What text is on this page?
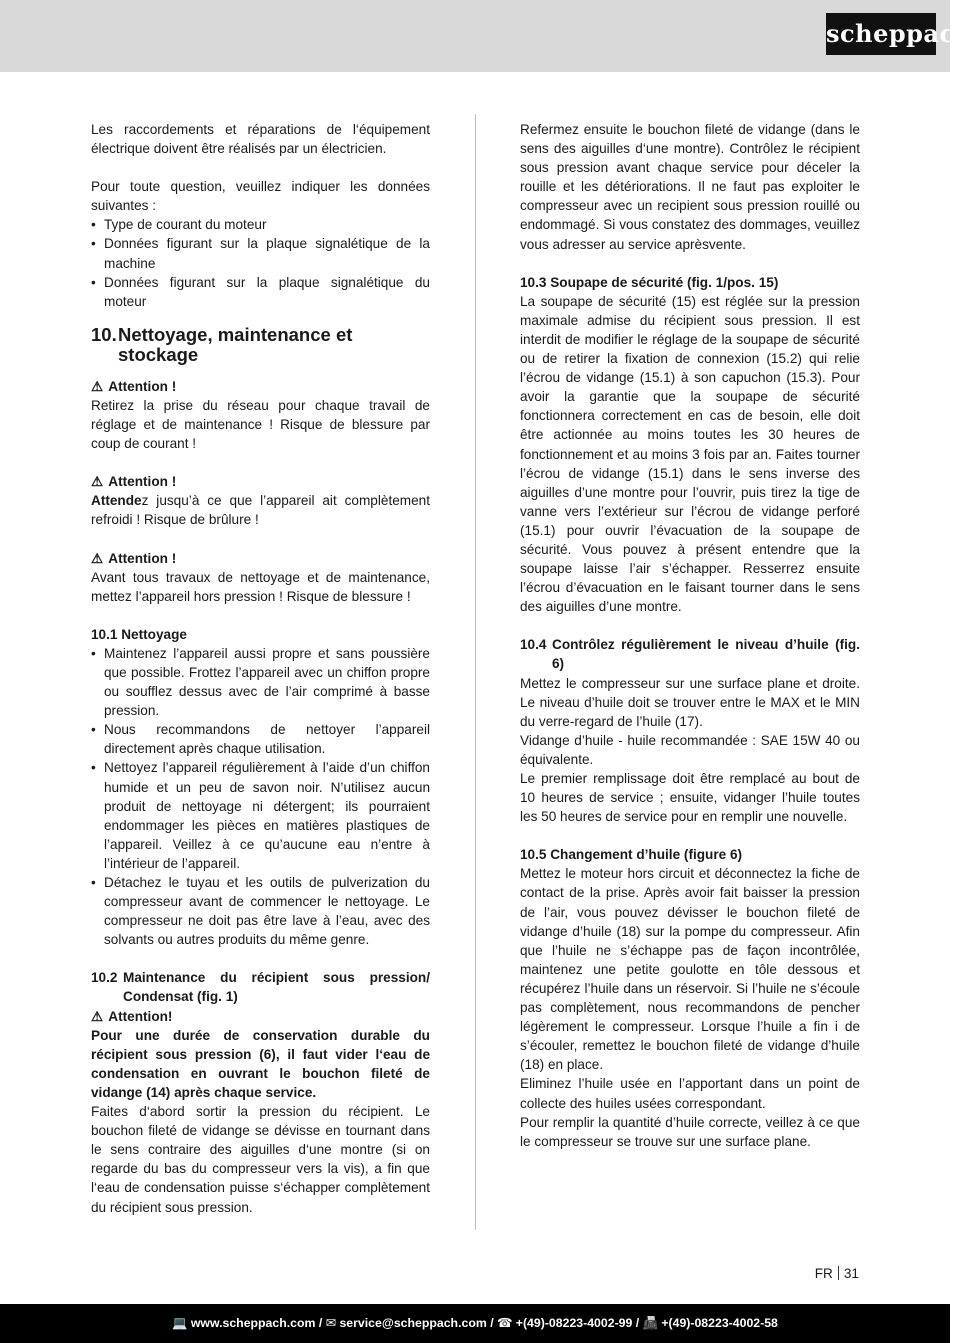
scheppach

Les raccordements et réparations de l‘équipement électrique doivent être réalisés par un électricien.

Pour toute question, veuillez indiquer les données suivantes :

• Type de courant du moteur
• Données figurant sur la plaque signalétique de la machine
• Données figurant sur la plaque signalétique du moteur
10. Nettoyage, maintenance et stockage

⚠ Attention !

Retirez la prise du réseau pour chaque travail de réglage et de maintenance ! Risque de blessure par coup de courant !

⚠ Attention !

Attendez jusqu’à ce que l’appareil ait complètement refroidi ! Risque de brûlure !

⚠ Attention !

Avant tous travaux de nettoyage et de maintenance, mettez l’appareil hors pression ! Risque de blessure !

10.1 Nettoyage

• Maintenez l’appareil aussi propre et sans poussière que possible. Frottez l’appareil avec un chiffon propre ou soufflez dessus avec de l’air comprimé à basse pression.
• Nous recommandons de nettoyer l’appareil directement après chaque utilisation.
• Nettoyez l’appareil régulièrement à l’aide d’un chiffon humide et un peu de savon noir. N’utilisez aucun produit de nettoyage ni détergent; ils pourraient endommager les pièces en matières plastiques de l’appareil. Veillez à ce qu’aucune eau n’entre à l’intérieur de l’appareil.
• Détachez le tuyau et les outils de pulverization du compresseur avant de commencer le nettoyage. Le compresseur ne doit pas être lave à l’eau, avec des solvants ou autres produits du même genre.
10.2 Maintenance du récipient sous pression/ Condensat (fig. 1)

⚠ Attention!

Pour une durée de conservation durable du récipient sous pression (6), il faut vider l‘eau de condensation en ouvrant le bouchon fileté de vidange (14) après chaque service.

Faites d‘abord sortir la pression du récipient. Le bouchon fileté de vidange se dévisse en tournant dans le sens contraire des aiguilles d‘une montre (si on regarde du bas du compresseur vers la vis), a fin que l‘eau de condensation puisse s‘échapper complètement du récipient sous pression.

Refermez ensuite le bouchon fileté de vidange (dans le sens des aiguilles d‘une montre). Contrôlez le récipient sous pression avant chaque service pour déceler la rouille et les détériorations. Il ne faut pas exploiter le compresseur avec un recipient sous pression rouillé ou endommagé. Si vous constatez des dommages, veuillez vous adresser au service aprèsvente.

10.3 Soupape de sécurité (fig. 1/pos. 15)

La soupape de sécurité (15) est réglée sur la pression maximale admise du récipient sous pression. Il est interdit de modifier le réglage de la soupape de sécurité ou de retirer la fixation de connexion (15.2) qui relie l’écrou de vidange (15.1) à son capuchon (15.3). Pour avoir la garantie que la soupape de sécurité fonctionnera correctement en cas de besoin, elle doit être actionnée au moins toutes les 30 heures de fonctionnement et au moins 3 fois par an. Faites tourner l’écrou de vidange (15.1) dans le sens inverse des aiguilles d’une montre pour l’ouvrir, puis tirez la tige de vanne vers l’extérieur sur l’écrou de vidange perforé (15.1) pour ouvrir l’évacuation de la soupape de sécurité. Vous pouvez à présent entendre que la soupape laisse l’air s’échapper. Resserrez ensuite l’écrou d’évacuation en le faisant tourner dans le sens des aiguilles d’une montre.

10.4 Contrôlez régulièrement le niveau d’huile (fig. 6)

Mettez le compresseur sur une surface plane et droite. Le niveau d’huile doit se trouver entre le MAX et le MIN du verre-regard de l’huile (17).

Vidange d’huile - huile recommandée : SAE 15W 40 ou équivalente.

Le premier remplissage doit être remplacé au bout de 10 heures de service ; ensuite, vidanger l’huile toutes les 50 heures de service pour en remplir une nouvelle.

10.5 Changement d’huile (figure 6)

Mettez le moteur hors circuit et déconnectez la fiche de contact de la prise. Après avoir fait baisser la pression de l’air, vous pouvez dévisser le bouchon fileté de vidange d’huile (18) sur la pompe du compresseur. Afin que l’huile ne s’échappe pas de façon incontrôlée, maintenez une petite goulotte en tôle dessous et récupérez l’huile dans un réservoir. Si l’huile ne s’écoule pas complètement, nous recommandons de pencher légèrement le compresseur. Lorsque l’huile a fin i de s’écouler, remettez le bouchon fileté de vidange d’huile (18) en place.

Eliminez l’huile usée en l’apportant dans un point de collecte des huiles usées correspondant.

Pour remplir la quantité d’huile correcte, veillez à ce que le compresseur se trouve sur une surface plane.

FR 31
💻 www.scheppach.com / ✉ service@scheppach.com / ☎ +(49)-08223-4002-99 / 📠 +(49)-08223-4002-58
